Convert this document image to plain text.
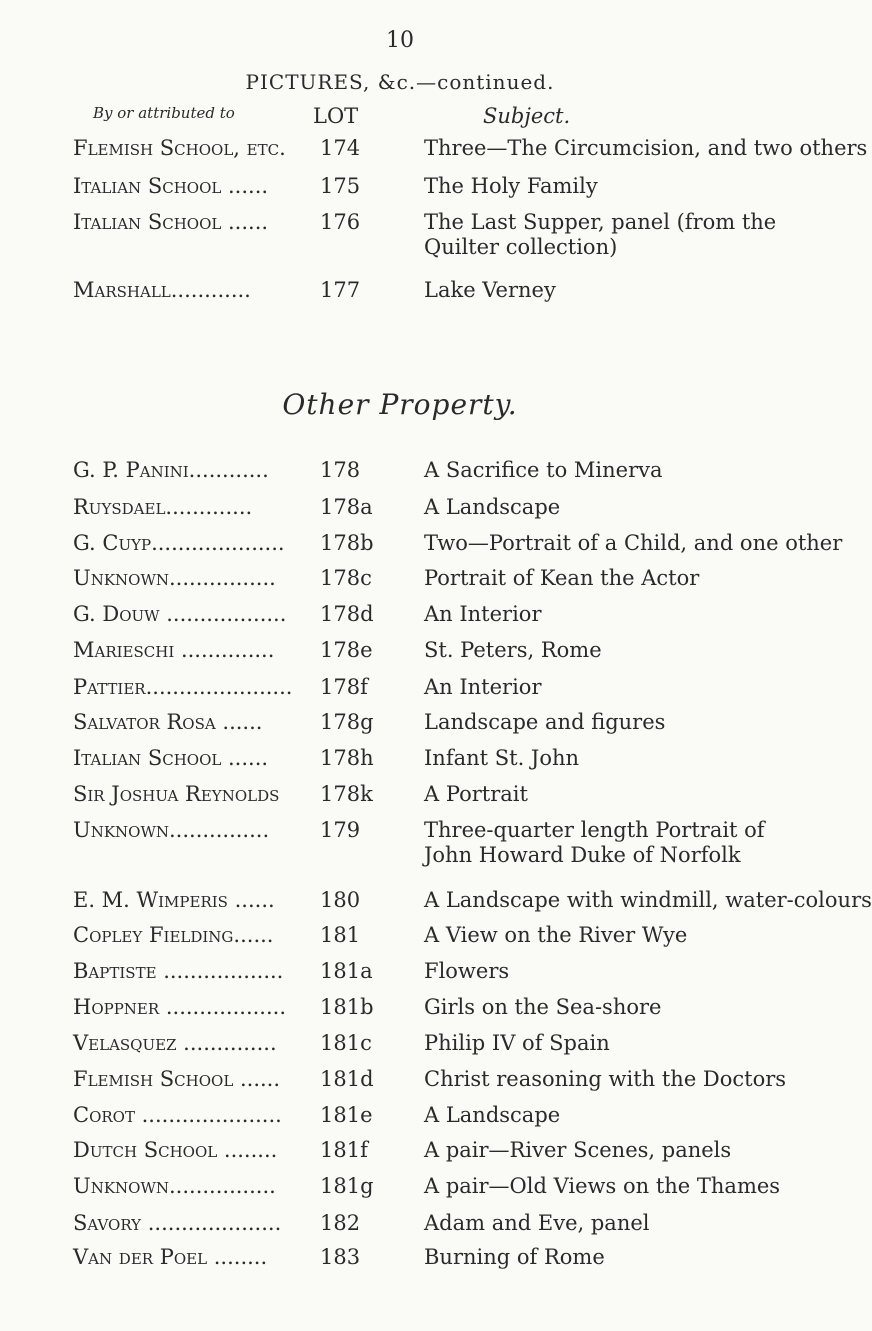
10
PICTURES, &c.—continued.
By or attributed to	LOT	Subject.
Flemish School, etc.	174	Three—The Circumcision, and two others
Italian School ......	175	The Holy Family
Italian School ......	176	The Last Supper, panel (from the Quilter collection)
Marshall............	177	Lake Verney
G. P. Panini............	178	A Sacrifice to Minerva
Ruysdael.............	178a A Landscape
G. Cuyp....................	178b Two—Portrait of a Child, and one other
Unknown................	178c Portrait of Kean the Actor
G. Douw ..................	178d An Interior
Marieschi ..............	178e St. Peters, Rome
Pattier......................	178f	An Interior
Salvator Rosa ......	178g Landscape and figures
Italian School ......	178h Infant St. John
Sir Joshua Reynolds	178k A Portrait
Unknown...............	179	Three-quarter length Portrait of John Howard Duke of Norfolk
E. M. Wimperis ......	180	A Landscape with windmill, water-colours
Copley Fielding......	181	A View on the River Wye
Baptiste ..................	181a Flowers
Hoppner ..................	181b Girls on the Sea-shore
Velasquez ..............	181c Philip IV of Spain
Flemish School ......	181d Christ reasoning with the Doctors
Corot .....................	181e A Landscape
Dutch School ........	181f	A pair—River Scenes, panels
Unknown................	181g A pair—Old Views on the Thames
Savory ....................	182	Adam and Eve, panel
Van der Poel ........	183	Burning of Rome
Other Property.
